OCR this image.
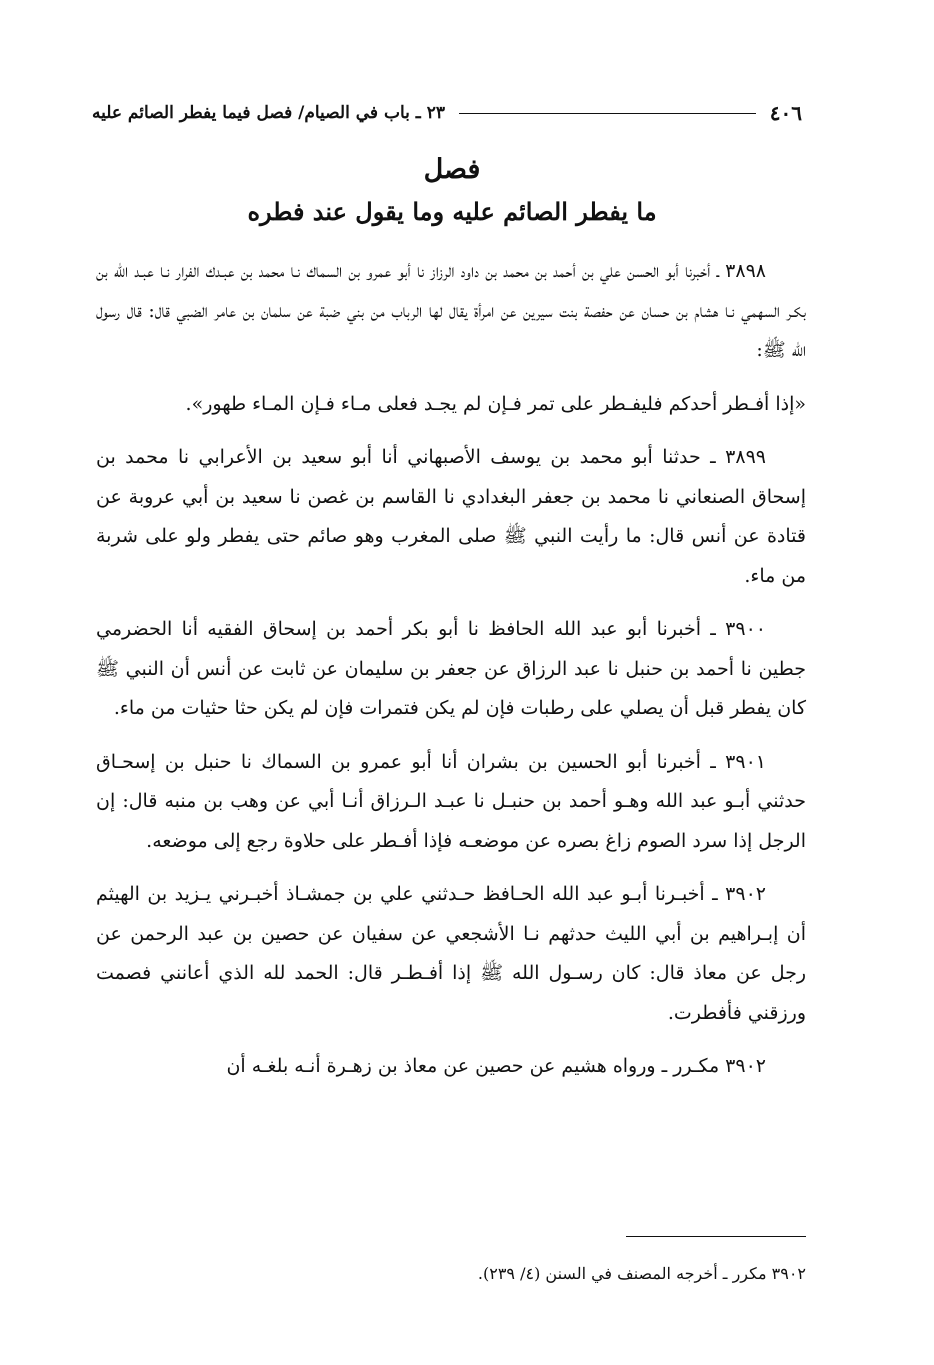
٤٠٦
٢٣ ـ باب في الصيام/ فصل فيما يفطر الصائم عليه
فصل
ما يفطر الصائم عليه وما يقول عند فطره

٣٨٩٨ ـ أخبرنا أبو الحسن علي بن أحمد بن محمد بن داود الرزاز نا أبو عمرو بن السماك نـا محمد بن عبـدك الفرار نـا عبـد الله بن بكـر السهمي نـا هشام بن حسان عن حفصة بنت سيرين عن امرأة يقال لها الرباب من بني ضبة عن سلمان بن عامر الضبي قال: قال رسول الله ﷺ:

«إذا أفـطر أحدكم فليفـطر على تمر فـإن لم يجـد فعلى مـاء فـإن المـاء طهور».

٣٨٩٩ ـ حدثنا أبو محمد بن يوسف الأصبهاني أنا أبو سعيد بن الأعرابي نا محمد بن إسحاق الصنعاني نا محمد بن جعفر البغدادي نا القاسم بن غصن نا سعيد بن أبي عروبة عن قتادة عن أنس قال: ما رأيت النبي ﷺ صلى المغرب وهو صائم حتى يفطر ولو على شربة من ماء.

٣٩٠٠ ـ أخبرنا أبو عبد الله الحافظ نا أبو بكر أحمد بن إسحاق الفقيه أنا الحضرمي جطين نا أحمد بن حنبل نا عبد الرزاق عن جعفر بن سليمان عن ثابت عن أنس أن النبي ﷺ كان يفطر قبل أن يصلي على رطبات فإن لم يكن فتمرات فإن لم يكن حثا حثيات من ماء.

٣٩٠١ ـ أخبرنا أبو الحسين بن بشران أنا أبو عمرو بن السماك نا حنبل بن إسحـاق حدثني أبـو عبد الله وهـو أحمد بن حنبـل نا عبـد الـرزاق أنـا أبي عن وهب بن منبه قال: إن الرجل إذا سرد الصوم زاغ بصره عن موضعـه فإذا أفـطر على حلاوة رجع إلى موضعه.

٣٩٠٢ ـ أخبـرنا أبـو عبد الله الحـافظ حـدثني علي بن جمشـاذ أخبـرني يـزيد بن الهيثم أن إبـراهيم بن أبي الليث حدثهم نـا الأشجعي عن سفيان عن حصين بن عبد الرحمن عن رجل عن معاذ قال: كان رسـول الله ﷺ إذا أفـطـر قال: الحمد لله الذي أعانني فصمت ورزقني فأفطرت.

٣٩٠٢ مكـرر ـ ورواه هشيم عن حصين عن معاذ بن زهـرة أنـه بلغـه أن

٣٩٠٢ مكرر ـ أخرجه المصنف في السنن (٤/ ٢٣٩).
